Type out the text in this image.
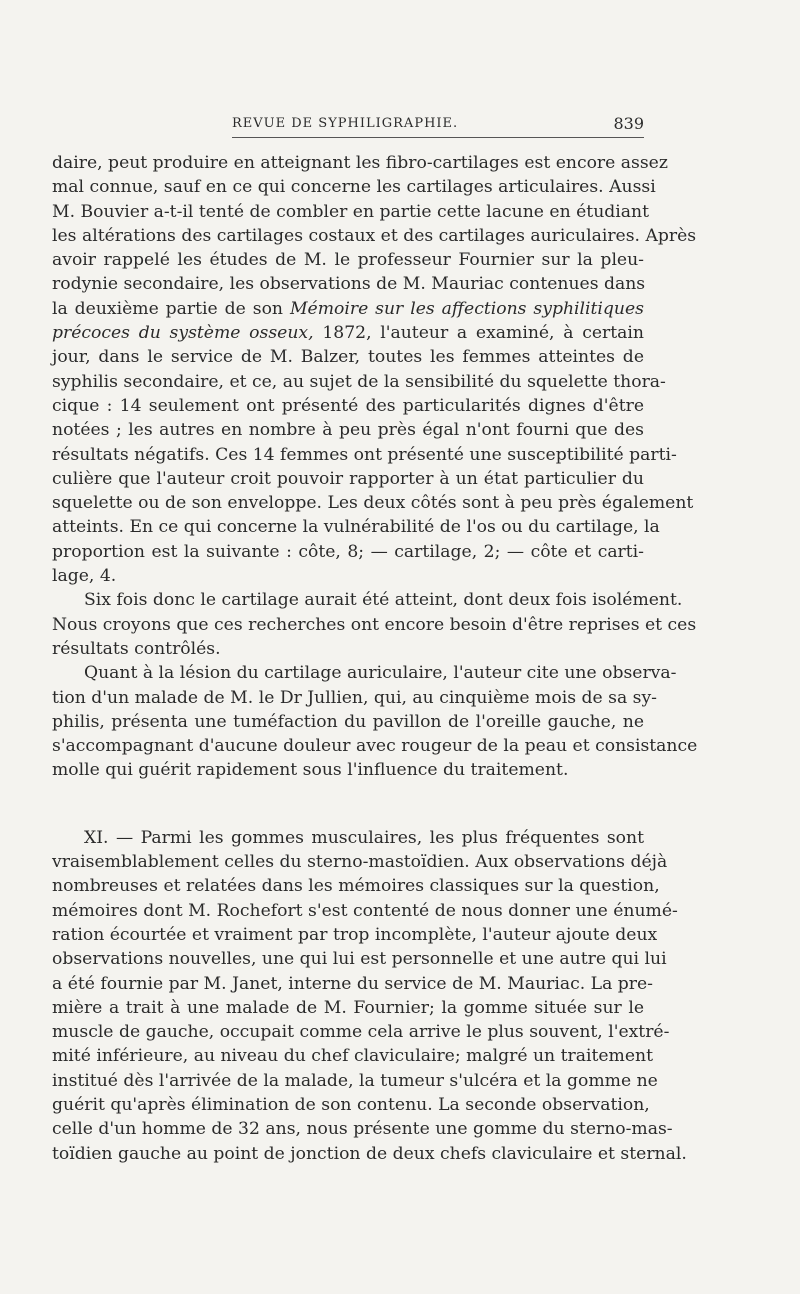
REVUE DE SYPHILIGRAPHIE.	839
daire, peut produire en atteignant les fibro-cartilages est encore assez
mal connue, sauf en ce qui concerne les cartilages articulaires. Aussi
M. Bouvier a-t-il tenté de combler en partie cette lacune en étudiant
les altérations des cartilages costaux et des cartilages auriculaires. Après
avoir rappelé les études de M. le professeur Fournier sur la pleu-
rodynie secondaire, les observations de M. Mauriac contenues dans
la deuxième partie de son Mémoire sur les affections syphilitiques
précoces du système osseux, 1872, l'auteur a examiné, à certain
jour, dans le service de M. Balzer, toutes les femmes atteintes de
syphilis secondaire, et ce, au sujet de la sensibilité du squelette thora-
cique : 14 seulement ont présenté des particularités dignes d'être
notées ; les autres en nombre à peu près égal n'ont fourni que des
résultats négatifs. Ces 14 femmes ont présenté une susceptibilité parti-
culière que l'auteur croit pouvoir rapporter à un état particulier du
squelette ou de son enveloppe. Les deux côtés sont à peu près également
atteints. En ce qui concerne la vulnérabilité de l'os ou du cartilage, la
proportion est la suivante : côte, 8; — cartilage, 2; — côte et carti-
lage, 4.
Six fois donc le cartilage aurait été atteint, dont deux fois isolément.
Nous croyons que ces recherches ont encore besoin d'être reprises et ces
résultats contrôlés.
Quant à la lésion du cartilage auriculaire, l'auteur cite une observa-
tion d'un malade de M. le Dr Jullien, qui, au cinquième mois de sa sy-
philis, présenta une tuméfaction du pavillon de l'oreille gauche, ne
s'accompagnant d'aucune douleur avec rougeur de la peau et consistance
molle qui guérit rapidement sous l'influence du traitement.
XI. — Parmi les gommes musculaires, les plus fréquentes sont
vraisemblablement celles du sterno-mastoïdien. Aux observations déjà
nombreuses et relatées dans les mémoires classiques sur la question,
mémoires dont M. Rochefort s'est contenté de nous donner une énumé-
ration écourtée et vraiment par trop incomplète, l'auteur ajoute deux
observations nouvelles, une qui lui est personnelle et une autre qui lui
a été fournie par M. Janet, interne du service de M. Mauriac. La pre-
mière a trait à une malade de M. Fournier; la gomme située sur le
muscle de gauche, occupait comme cela arrive le plus souvent, l'extré-
mité inférieure, au niveau du chef claviculaire; malgré un traitement
institué dès l'arrivée de la malade, la tumeur s'ulcéra et la gomme ne
guérit qu'après élimination de son contenu. La seconde observation,
celle d'un homme de 32 ans, nous présente une gomme du sterno-mas-
toïdien gauche au point de jonction de deux chefs claviculaire et sternal.
